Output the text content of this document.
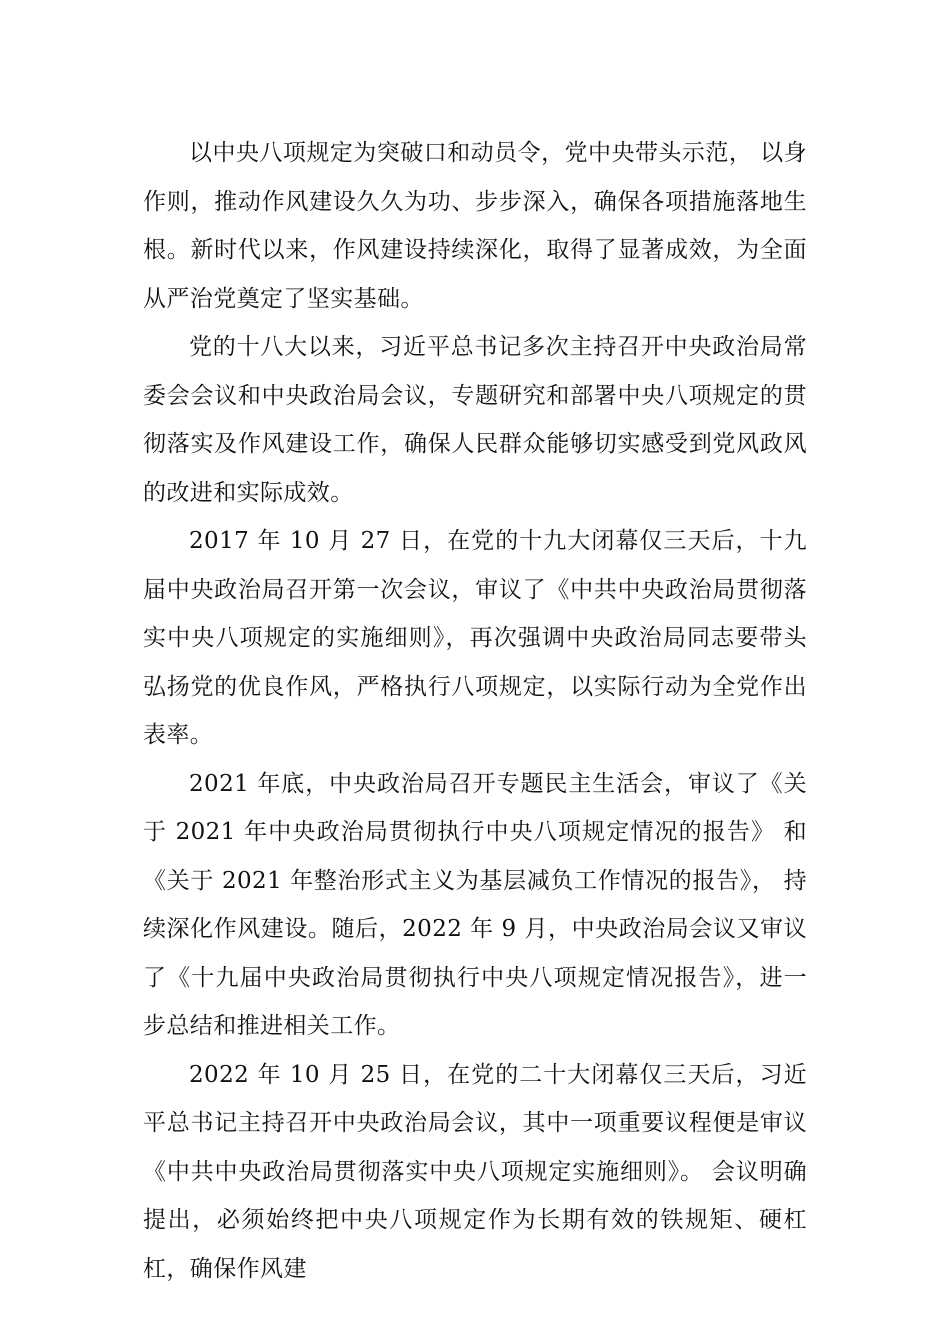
以中央八项规定为突破口和动员令，党中央带头示范， 以身作则，推动作风建设久久为功、步步深入，确保各项措施落地生根。新时代以来，作风建设持续深化，取得了显著成效，为全面从严治党奠定了坚实基础。

党的十八大以来，习近平总书记多次主持召开中央政治局常委会会议和中央政治局会议，专题研究和部署中央八项规定的贯彻落实及作风建设工作，确保人民群众能够切实感受到党风政风的改进和实际成效。

2017 年 10 月 27 日，在党的十九大闭幕仅三天后，十九届中央政治局召开第一次会议，审议了《中共中央政治局贯彻落实中央八项规定的实施细则》，再次强调中央政治局同志要带头弘扬党的优良作风，严格执行八项规定，以实际行动为全党作出表率。

2021 年底，中央政治局召开专题民主生活会，审议了《关于 2021 年中央政治局贯彻执行中央八项规定情况的报告》 和《关于 2021 年整治形式主义为基层减负工作情况的报告》， 持续深化作风建设。随后，2022 年 9 月，中央政治局会议又审议了《十九届中央政治局贯彻执行中央八项规定情况报告》，进一步总结和推进相关工作。

2022 年 10 月 25 日，在党的二十大闭幕仅三天后，习近平总书记主持召开中央政治局会议，其中一项重要议程便是审议《中共中央政治局贯彻落实中央八项规定实施细则》。 会议明确提出，必须始终把中央八项规定作为长期有效的铁规矩、硬杠杠，确保作风建
